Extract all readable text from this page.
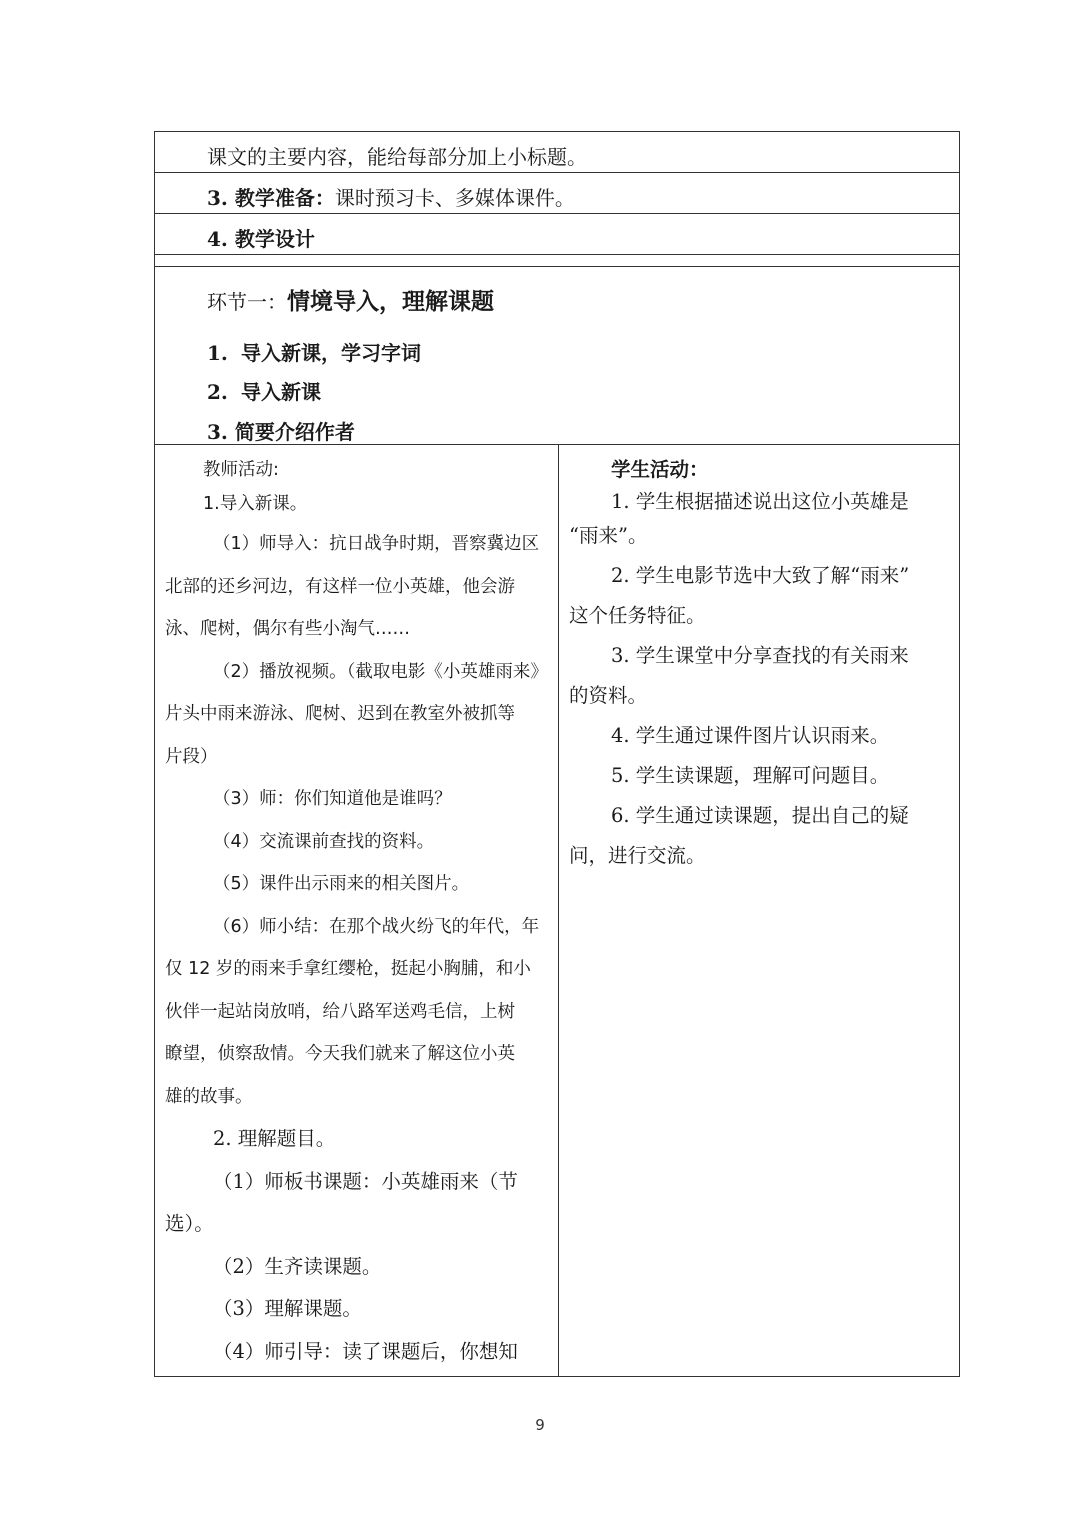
课文的主要内容，能给每部分加上小标题。
3. 教学准备：课时预习卡、多媒体课件。
4. 教学设计
环节一：情境导入，理解课题
1. 导入新课，学习字词
2. 导入新课
3. 简要介绍作者
教师活动:
1.导入新课。
（1）师导入：抗日战争时期，晋察冀边区
北部的还乡河边，有这样一位小英雄，他会游
泳、爬树，偶尔有些小淘气……
（2）播放视频。（截取电影《小英雄雨来》
片头中雨来游泳、爬树、迟到在教室外被抓等
片段）
（3）师：你们知道他是谁吗？
（4）交流课前查找的资料。
（5）课件出示雨来的相关图片。
（6）师小结：在那个战火纷飞的年代，年
仅 12 岁的雨来手拿红缨枪，挺起小胸脯，和小
伙伴一起站岗放哨，给八路军送鸡毛信，上树
瞭望，侦察敌情。今天我们就来了解这位小英
雄的故事。
2. 理解题目。
（1）师板书课题：小英雄雨来（节
选）。
（2）生齐读课题。
（3）理解课题。
（4）师引导：读了课题后，你想知
学生活动：
1. 学生根据描述说出这位小英雄是
“雨来”。
2. 学生电影节选中大致了解“雨来”
这个任务特征。
3. 学生课堂中分享查找的有关雨来
的资料。
4. 学生通过课件图片认识雨来。
5. 学生读课题，理解可问题目。
6. 学生通过读课题，提出自己的疑
问，进行交流。
9
